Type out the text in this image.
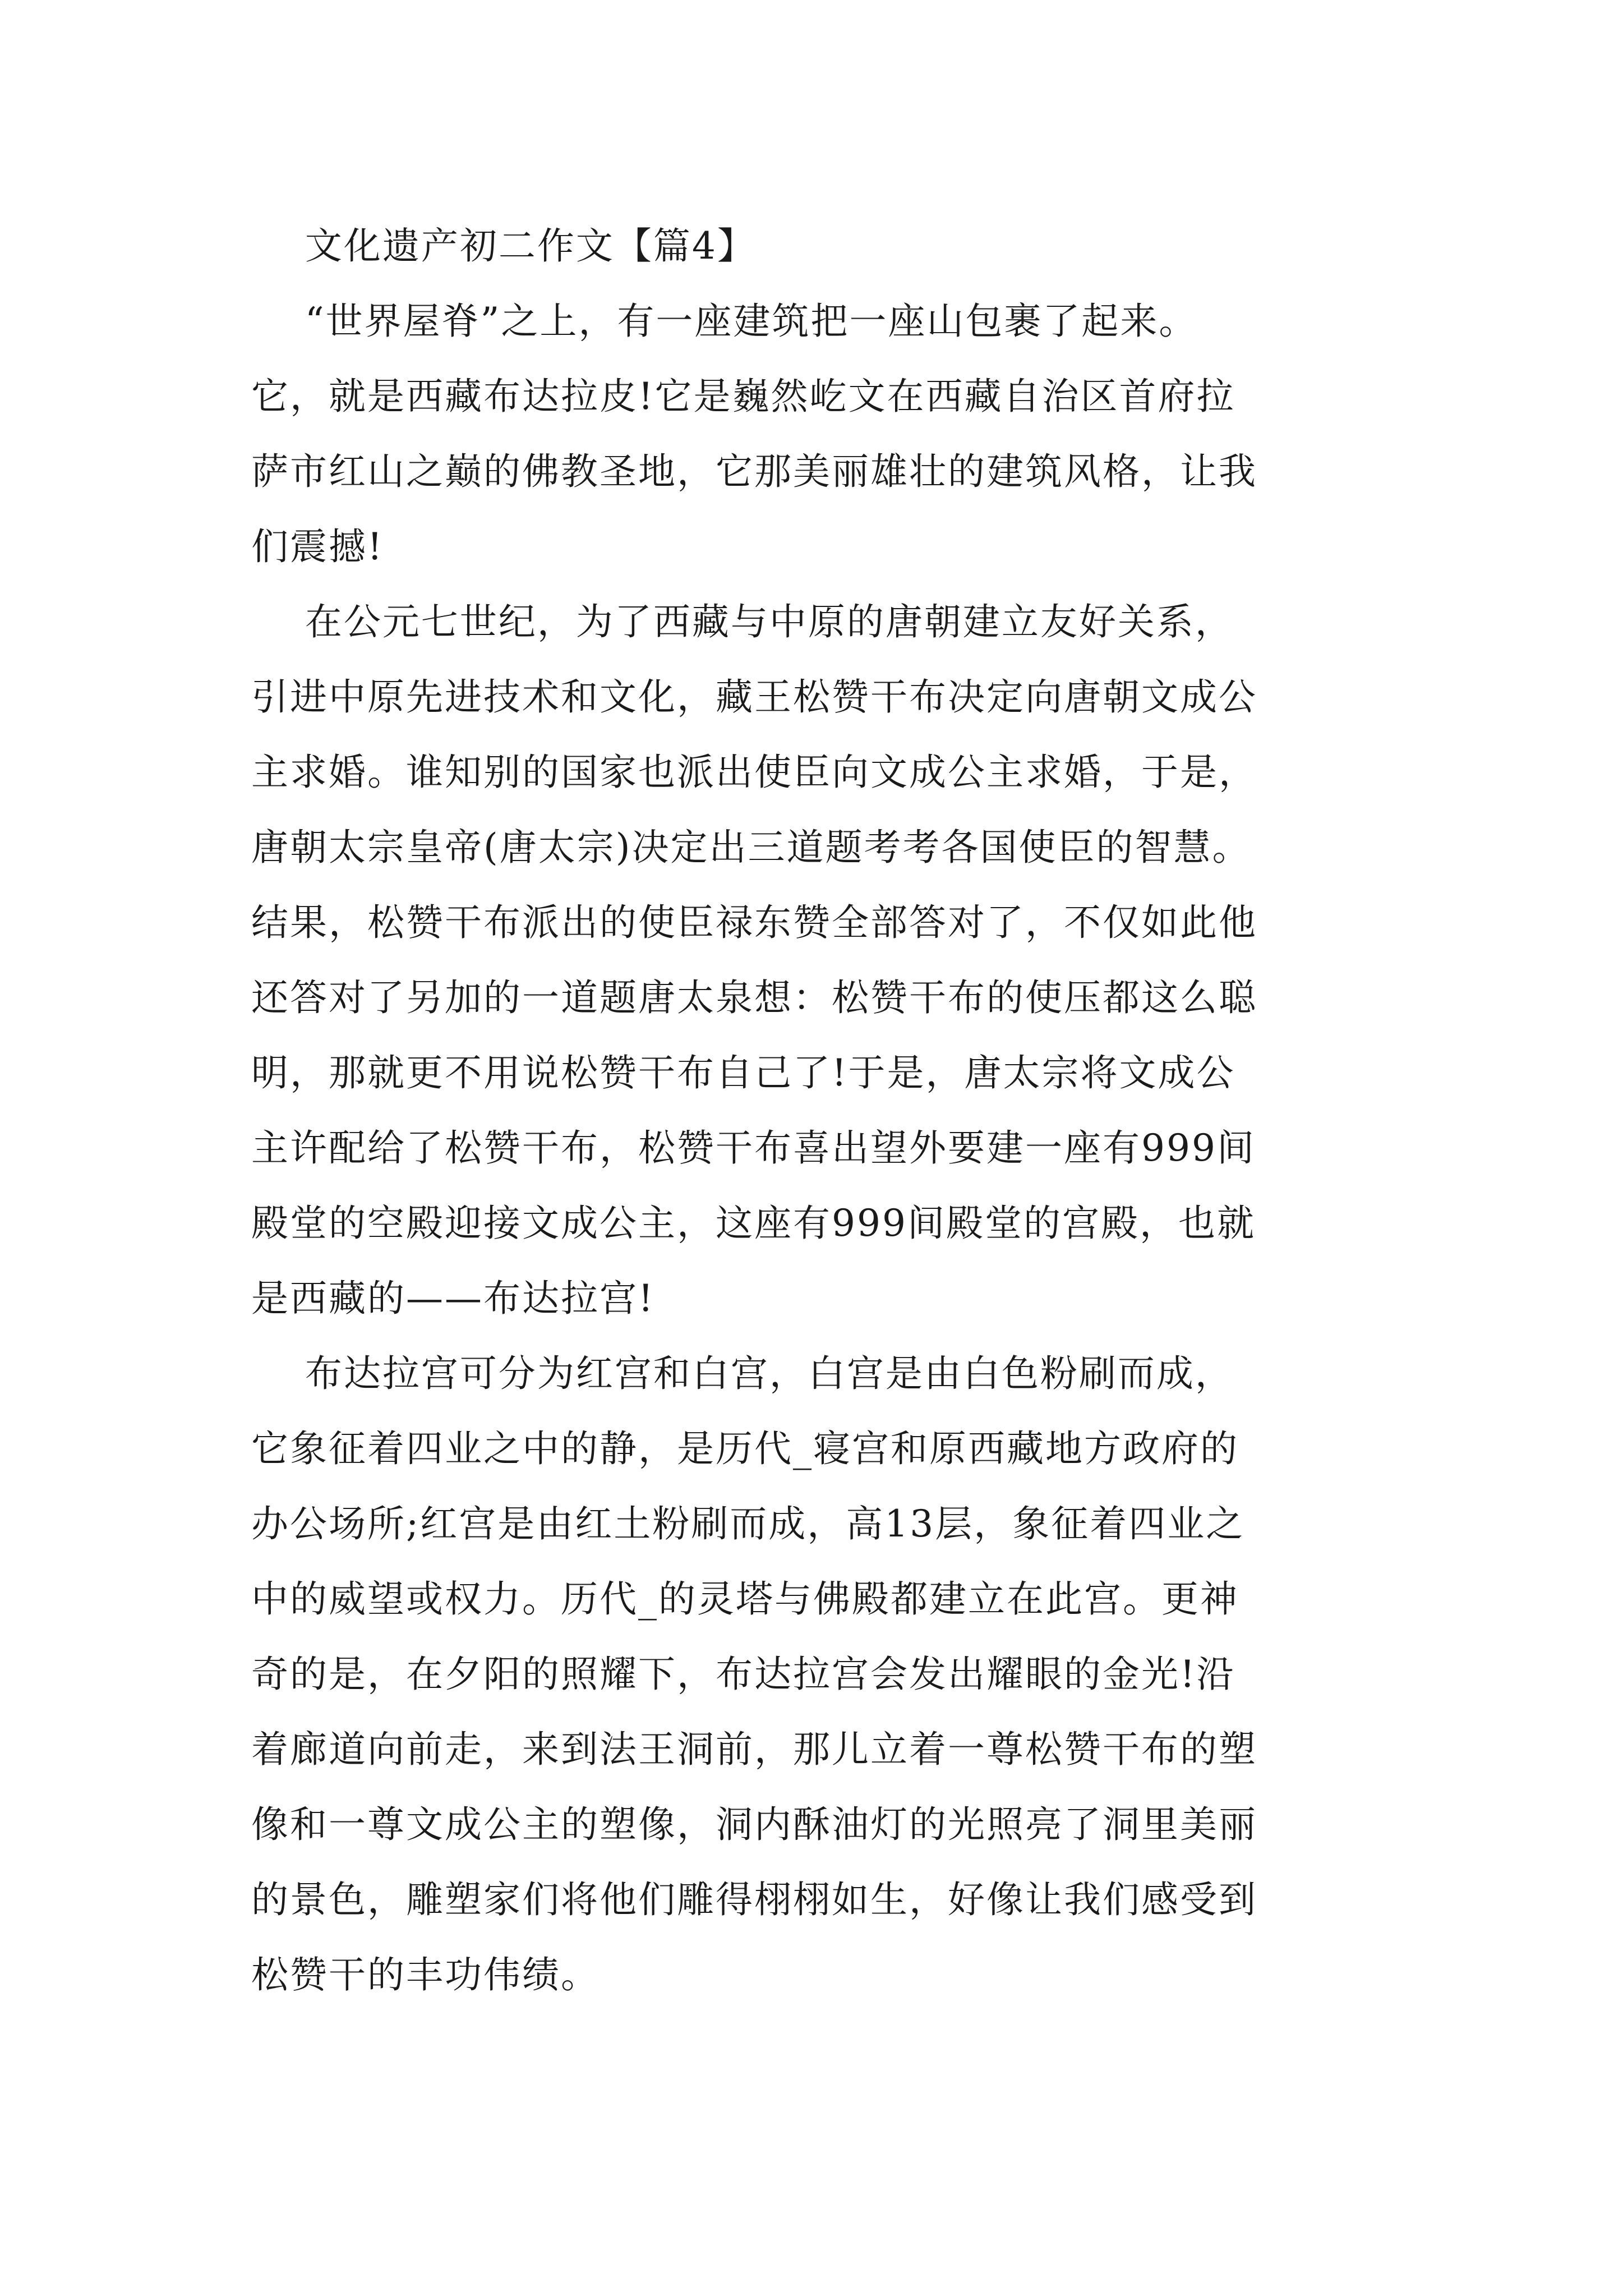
文化遗产初二作文【篇4】
“世界屋脊”之上，有一座建筑把一座山包裹了起来。
它，就是西藏布达拉皮!它是巍然屹文在西藏自治区首府拉
萨市红山之巅的佛教圣地，它那美丽雄壮的建筑风格，让我
们震撼!
在公元七世纪，为了西藏与中原的唐朝建立友好关系，
引进中原先进技术和文化，藏王松赞干布决定向唐朝文成公
主求婚。谁知别的国家也派出使臣向文成公主求婚，于是，
唐朝太宗皇帝(唐太宗)决定出三道题考考各国使臣的智慧。
结果，松赞干布派出的使臣禄东赞全部答对了，不仅如此他
还答对了另加的一道题唐太泉想：松赞干布的使压都这么聪
明，那就更不用说松赞干布自己了!于是，唐太宗将文成公
主许配给了松赞干布，松赞干布喜出望外要建一座有999间
殿堂的空殿迎接文成公主，这座有999间殿堂的宫殿，也就
是西藏的——布达拉宫!
布达拉宫可分为红宫和白宫，白宫是由白色粉刷而成，
它象征着四业之中的静，是历代_寝宫和原西藏地方政府的
办公场所;红宫是由红土粉刷而成，高13层，象征着四业之
中的威望或权力。历代_的灵塔与佛殿都建立在此宫。更神
奇的是，在夕阳的照耀下，布达拉宫会发出耀眼的金光!沿
着廊道向前走，来到法王洞前，那儿立着一尊松赞干布的塑
像和一尊文成公主的塑像，洞内酥油灯的光照亮了洞里美丽
的景色，雕塑家们将他们雕得栩栩如生，好像让我们感受到
松赞干的丰功伟绩。
